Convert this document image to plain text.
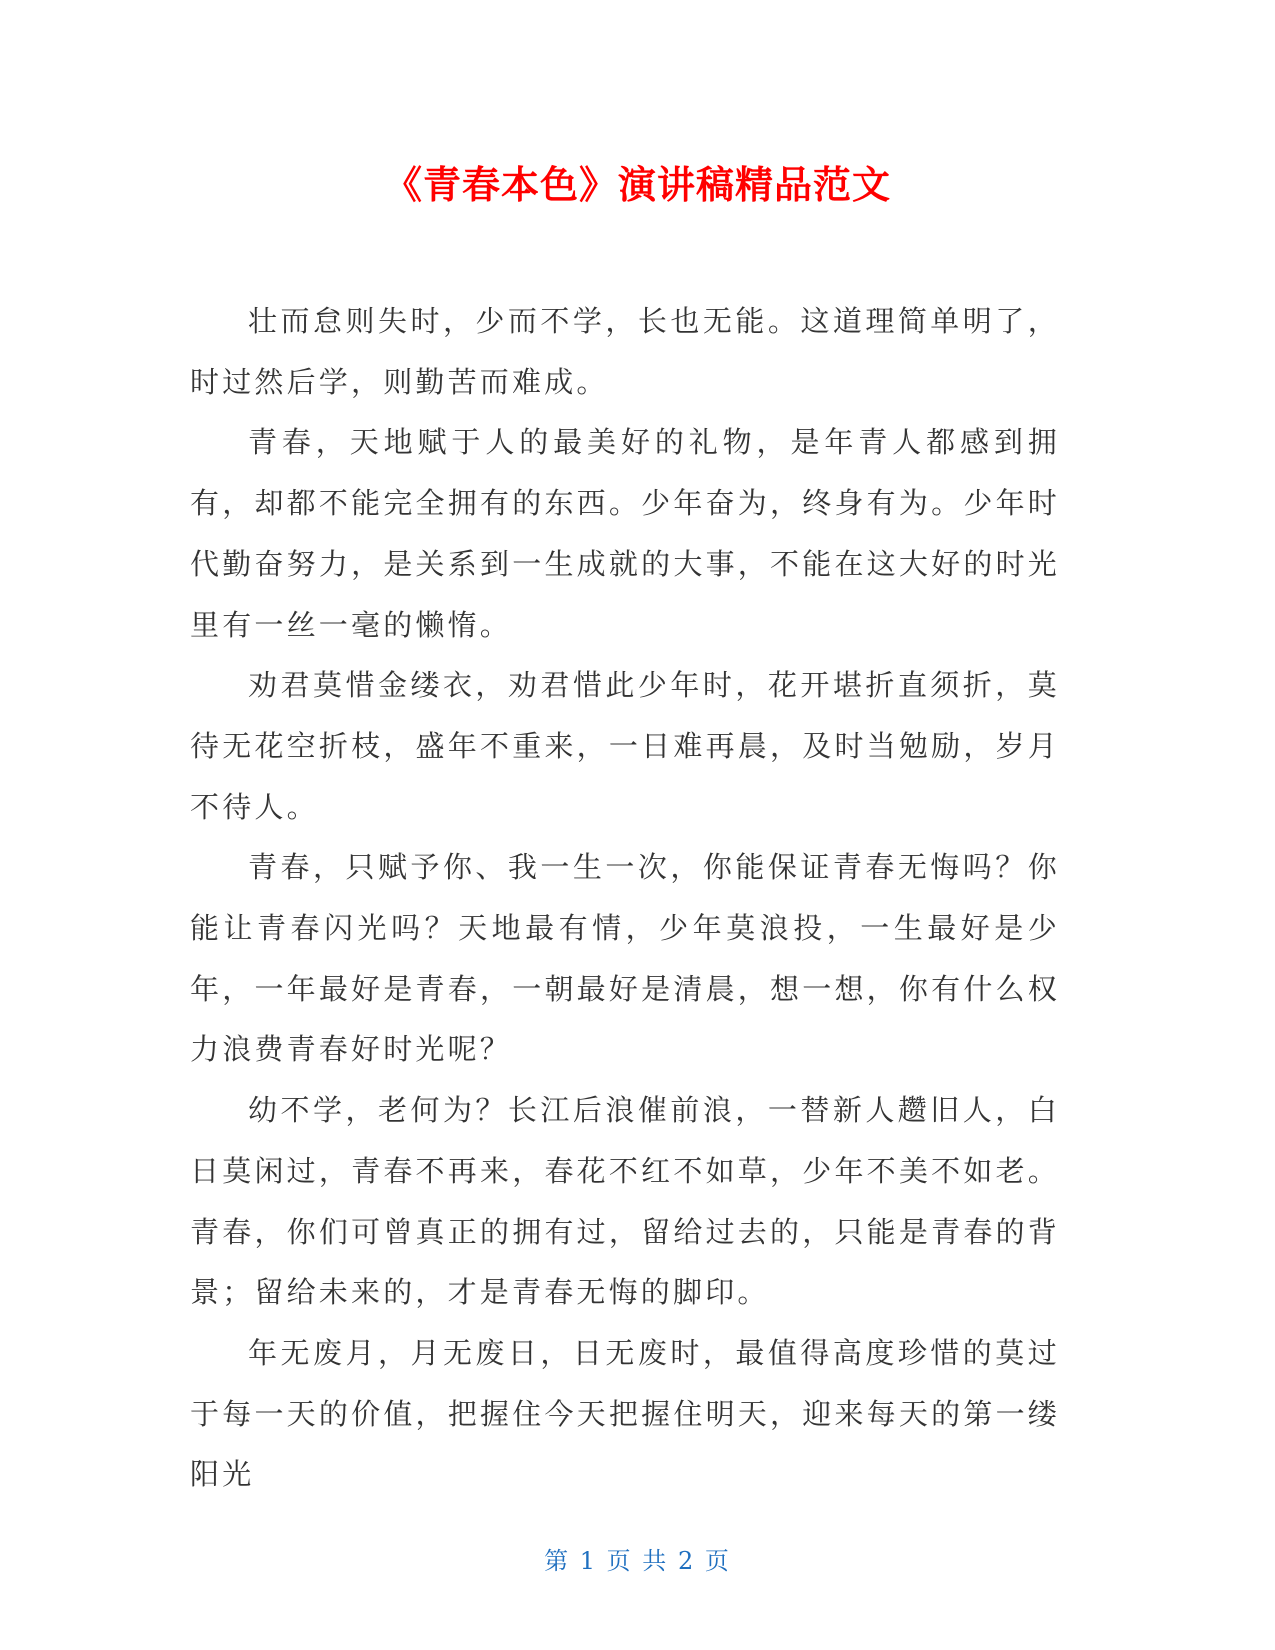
《青春本色》演讲稿精品范文

壮而怠则失时，少而不学，长也无能。这道理简单明了，时过然后学，则勤苦而难成。

青春，天地赋于人的最美好的礼物，是年青人都感到拥有，却都不能完全拥有的东西。少年奋为，终身有为。少年时代勤奋努力，是关系到一生成就的大事，不能在这大好的时光里有一丝一毫的懒惰。

劝君莫惜金缕衣，劝君惜此少年时，花开堪折直须折，莫待无花空折枝，盛年不重来，一日难再晨，及时当勉励，岁月不待人。

青春，只赋予你、我一生一次，你能保证青春无悔吗？你能让青春闪光吗？天地最有情，少年莫浪投，一生最好是少年，一年最好是青春，一朝最好是清晨，想一想，你有什么权力浪费青春好时光呢？

幼不学，老何为？长江后浪催前浪，一替新人趱旧人，白日莫闲过，青春不再来，春花不红不如草，少年不美不如老。青春，你们可曾真正的拥有过，留给过去的，只能是青春的背景；留给未来的，才是青春无悔的脚印。

年无废月，月无废日，日无废时，最值得高度珍惜的莫过于每一天的价值，把握住今天把握住明天，迎来每天的第一缕阳光

第 1 页 共 2 页
